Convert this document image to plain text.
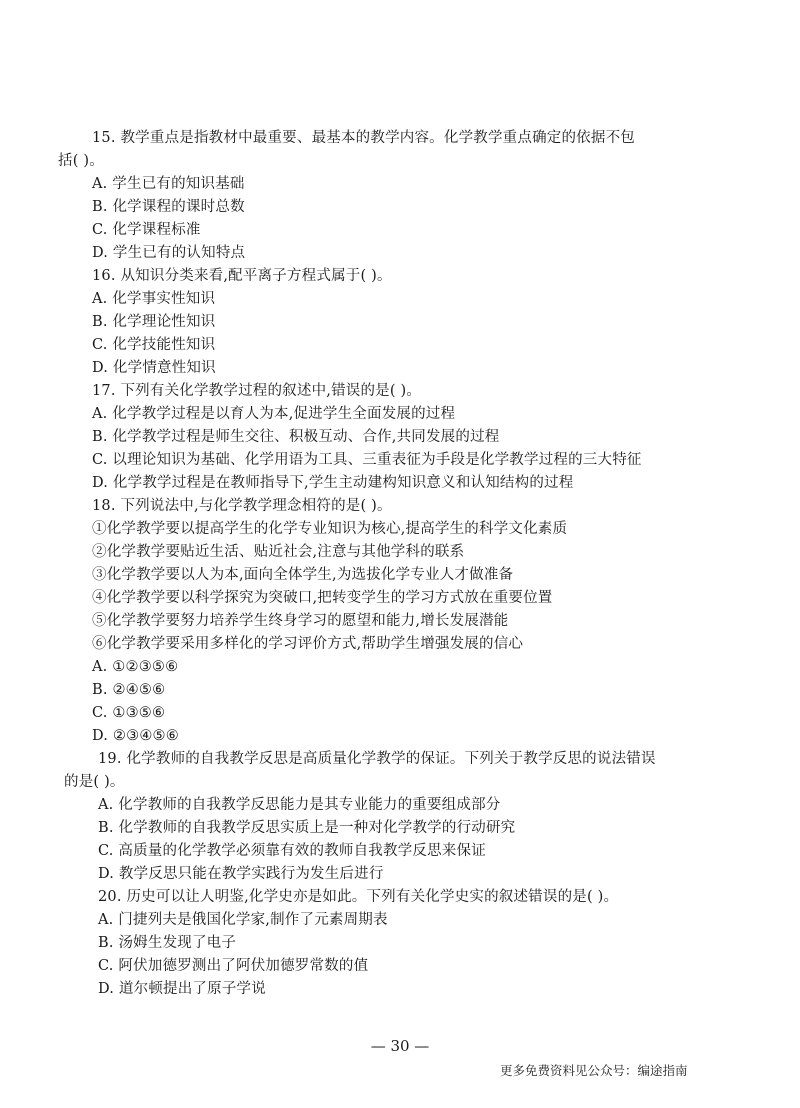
15. 教学重点是指教材中最重要、最基本的教学内容。化学教学重点确定的依据不包
括( )。
A. 学生已有的知识基础
B. 化学课程的课时总数
C. 化学课程标准
D. 学生已有的认知特点
16. 从知识分类来看,配平离子方程式属于( )。
A. 化学事实性知识
B. 化学理论性知识
C. 化学技能性知识
D. 化学情意性知识
17. 下列有关化学教学过程的叙述中,错误的是( )。
A. 化学教学过程是以育人为本,促进学生全面发展的过程
B. 化学教学过程是师生交往、积极互动、合作,共同发展的过程
C. 以理论知识为基础、化学用语为工具、三重表征为手段是化学教学过程的三大特征
D. 化学教学过程是在教师指导下,学生主动建构知识意义和认知结构的过程
18. 下列说法中,与化学教学理念相符的是( )。
①化学教学要以提高学生的化学专业知识为核心,提高学生的科学文化素质
②化学教学要贴近生活、贴近社会,注意与其他学科的联系
③化学教学要以人为本,面向全体学生,为选拔化学专业人才做准备
④化学教学要以科学探究为突破口,把转变学生的学习方式放在重要位置
⑤化学教学要努力培养学生终身学习的愿望和能力,增长发展潜能
⑥化学教学要采用多样化的学习评价方式,帮助学生增强发展的信心
A. ①②③⑤⑥
B. ②④⑤⑥
C. ①③⑤⑥
D. ②③④⑤⑥
19. 化学教师的自我教学反思是高质量化学教学的保证。下列关于教学反思的说法错误
的是( )。
A. 化学教师的自我教学反思能力是其专业能力的重要组成部分
B. 化学教师的自我教学反思实质上是一种对化学教学的行动研究
C. 高质量的化学教学必须靠有效的教师自我教学反思来保证
D. 教学反思只能在教学实践行为发生后进行
20. 历史可以让人明鉴,化学史亦是如此。下列有关化学史实的叙述错误的是( )。
A. 门捷列夫是俄国化学家,制作了元素周期表
B. 汤姆生发现了电子
C. 阿伏加德罗测出了阿伏加德罗常数的值
D. 道尔顿提出了原子学说
— 30 —
更多免费资料见公众号：编途指南
